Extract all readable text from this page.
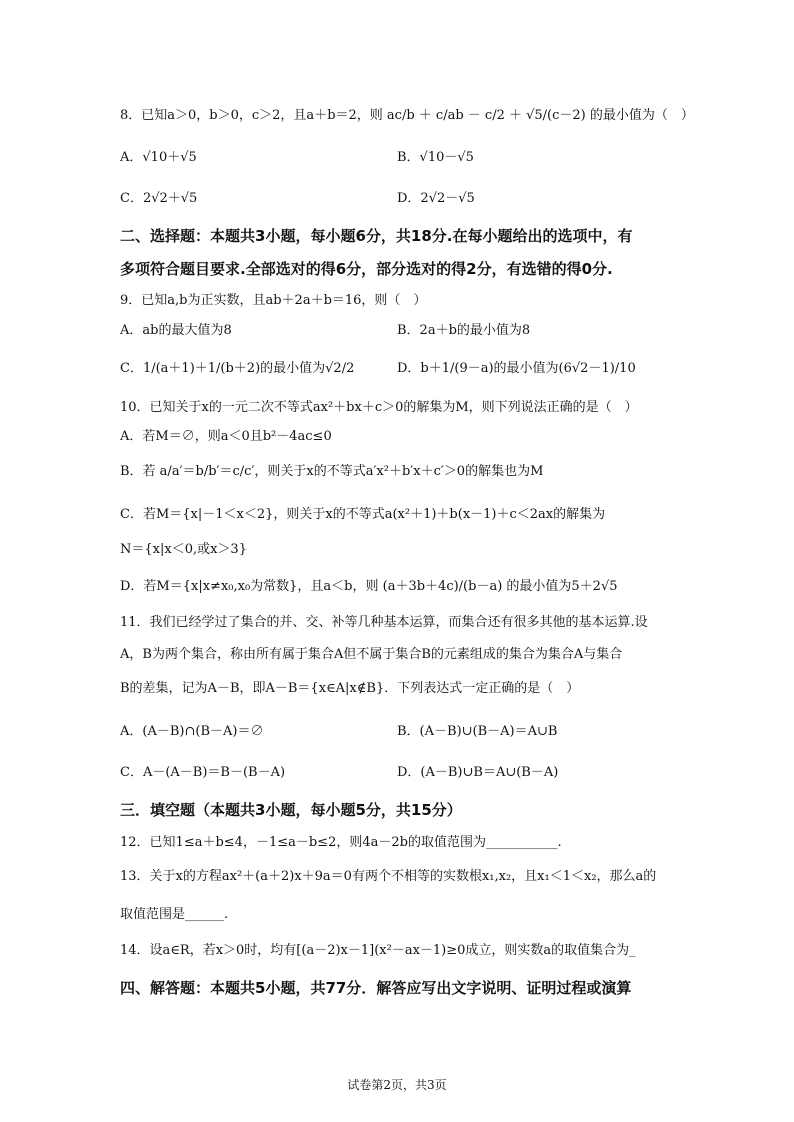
8．已知a＞0，b＞0，c＞2，且a＋b＝2，则 ac/b ＋ c/ab － c/2 ＋ √5/(c－2) 的最小值为（　）
A．√10＋√5	B．√10－√5
C．2√2＋√5	D．2√2－√5
二、选择题：本题共3小题，每小题6分，共18分.在每小题给出的选项中，有
多项符合题目要求.全部选对的得6分，部分选对的得2分，有选错的得0分.
9．已知a,b为正实数，且ab＋2a＋b＝16，则（　）
A．ab的最大值为8	B．2a＋b的最小值为8
C．1/(a＋1)＋1/(b＋2)的最小值为√2/2	D．b＋1/(9－a)的最小值为(6√2－1)/10
10．已知关于x的一元二次不等式ax²＋bx＋c＞0的解集为M，则下列说法正确的是（　）
A．若M＝∅，则a＜0且b²－4ac≤0
B．若 a/a′＝b/b′＝c/c′，则关于x的不等式a′x²＋b′x＋c′＞0的解集也为M
C．若M＝{x|－1＜x＜2}，则关于x的不等式a(x²＋1)＋b(x－1)＋c＜2ax的解集为
N＝{x|x＜0,或x＞3}
D．若M＝{x|x≠x₀,x₀为常数}，且a＜b，则 (a＋3b＋4c)/(b－a) 的最小值为5＋2√5
11．我们已经学过了集合的并、交、补等几种基本运算，而集合还有很多其他的基本运算.设
A，B为两个集合，称由所有属于集合A但不属于集合B的元素组成的集合为集合A与集合
B的差集，记为A－B，即A－B＝{x∈A|x∉B}．下列表达式一定正确的是（　）
A．(A－B)∩(B－A)＝∅	B．(A－B)∪(B－A)＝A∪B
C．A－(A－B)＝B－(B－A)	D．(A－B)∪B＝A∪(B－A)
三．填空题（本题共3小题，每小题5分，共15分）
12．已知1≤a＋b≤4，－1≤a－b≤2，则4a－2b的取值范围为___________.
13．关于x的方程ax²＋(a＋2)x＋9a＝0有两个不相等的实数根x₁,x₂，且x₁＜1＜x₂，那么a的
取值范围是______.
14．设a∈R，若x＞0时，均有[(a－2)x－1](x²－ax－1)≥0成立，则实数a的取值集合为_
四、解答题：本题共5小题，共77分．解答应写出文字说明、证明过程或演算
试卷第2页，共3页
